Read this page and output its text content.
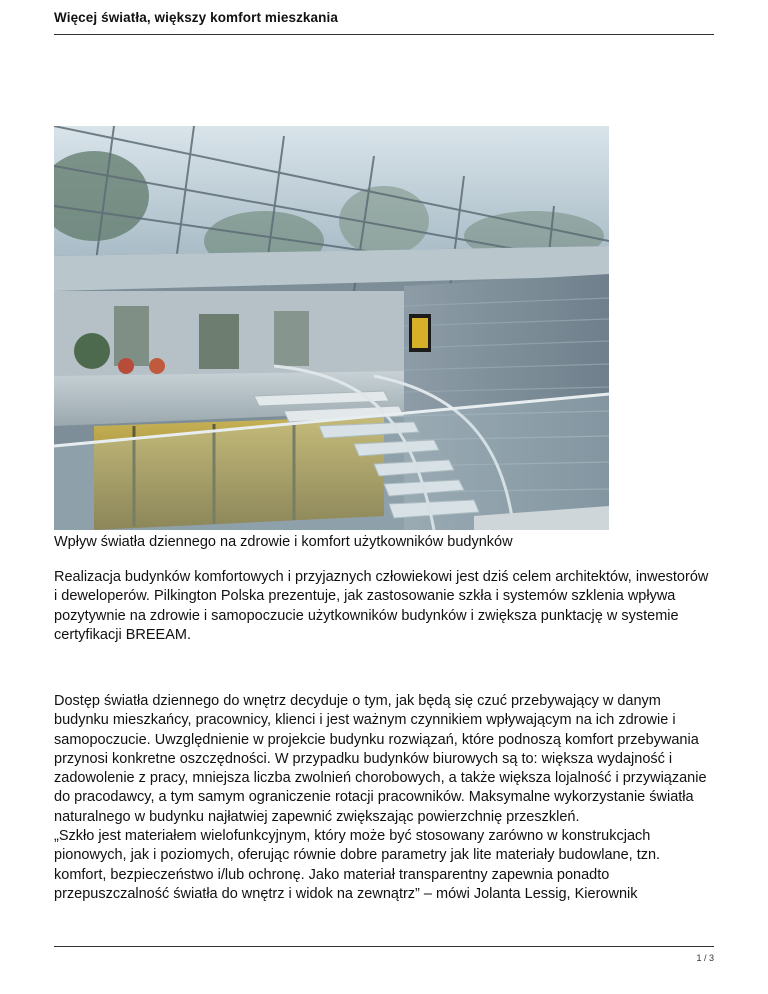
Więcej światła, większy komfort mieszkania
Wpływ światła dziennego na zdrowie i komfort użytkowników budynków

Realizacja budynków komfortowych i przyjaznych człowiekowi jest dziś celem architektów, inwestorów i deweloperów. Pilkington Polska prezentuje, jak zastosowanie szkła i systemów szklenia wpływa pozytywnie na zdrowie i samopoczucie użytkowników budynków i zwiększa punktację w systemie certyfikacji BREEAM.

Dostęp światła dziennego do wnętrz decyduje o tym, jak będą się czuć przebywający w danym budynku mieszkańcy, pracownicy, klienci i jest ważnym czynnikiem wpływającym na ich zdrowie i samopoczucie. Uwzględnienie w projekcie budynku rozwiązań, które podnoszą komfort przebywania przynosi konkretne oszczędności. W przypadku budynków biurowych są to: większa wydajność i zadowolenie z pracy, mniejsza liczba zwolnień chorobowych, a także większa lojalność i przywiązanie do pracodawcy, a tym samym ograniczenie rotacji pracowników. Maksymalne wykorzystanie światła naturalnego w budynku najłatwiej zapewnić zwiększając powierzchnię przeszkleń.
„Szkło jest materiałem wielofunkcyjnym, który może być stosowany zarówno w konstrukcjach pionowych, jak i poziomych, oferując równie dobre parametry jak lite materiały budowlane, tzn. komfort, bezpieczeństwo i/lub ochronę. Jako materiał transparentny zapewnia ponadto przepuszczalność światła do wnętrz i widok na zewnątrz” – mówi Jolanta Lessig, Kierownik

1 / 3
